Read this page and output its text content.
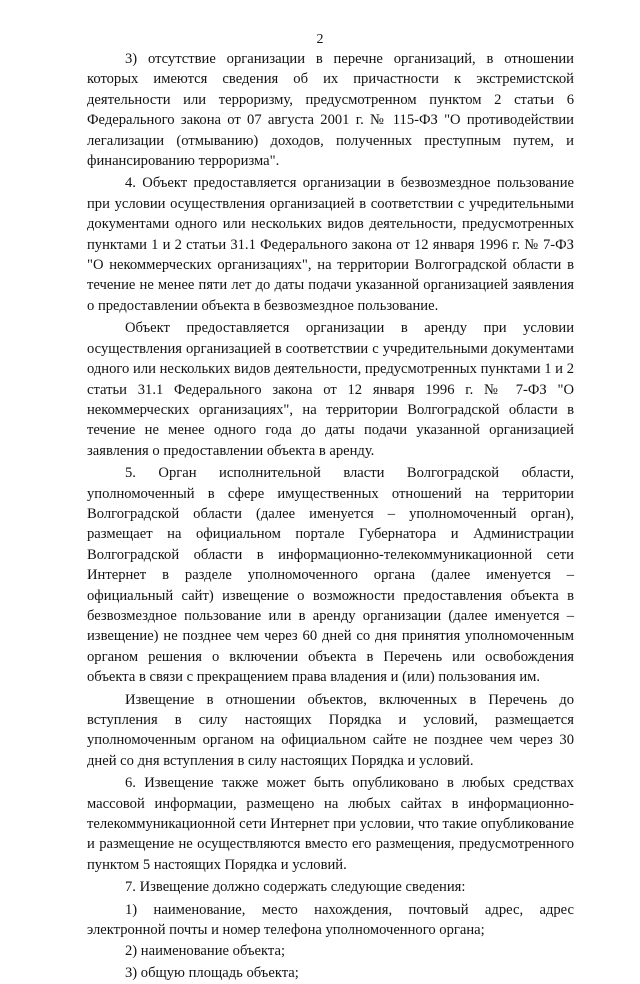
2

3) отсутствие организации в перечне организаций, в отношении которых имеются сведения об их причастности к экстремистской деятельности или терроризму, предусмотренном пунктом 2 статьи 6 Федерального закона от 07 августа 2001 г. № 115-ФЗ "О противодействии легализации (отмыванию) доходов, полученных преступным путем, и финансированию терроризма".

4. Объект предоставляется организации в безвозмездное пользование при условии осуществления организацией в соответствии с учредительными документами одного или нескольких видов деятельности, предусмотренных пунктами 1 и 2 статьи 31.1 Федерального закона от 12 января 1996 г. № 7-ФЗ "О некоммерческих организациях", на территории Волгоградской области в течение не менее пяти лет до даты подачи указанной организацией заявления о предоставлении объекта в безвозмездное пользование.

Объект предоставляется организации в аренду при условии осуществления организацией в соответствии с учредительными документами одного или нескольких видов деятельности, предусмотренных пунктами 1 и 2 статьи 31.1 Федерального закона от 12 января 1996 г. № 7-ФЗ "О некоммерческих организациях", на территории Волгоградской области в течение не менее одного года до даты подачи указанной организацией заявления о предоставлении объекта в аренду.

5. Орган исполнительной власти Волгоградской области, уполномоченный в сфере имущественных отношений на территории Волгоградской области (далее именуется – уполномоченный орган), размещает на официальном портале Губернатора и Администрации Волгоградской области в информационно-телекоммуникационной сети Интернет в разделе уполномоченного органа (далее именуется – официальный сайт) извещение о возможности предоставления объекта в безвозмездное пользование или в аренду организации (далее именуется – извещение) не позднее чем через 60 дней со дня принятия уполномоченным органом решения о включении объекта в Перечень или освобождения объекта в связи с прекращением права владения и (или) пользования им.

Извещение в отношении объектов, включенных в Перечень до вступления в силу настоящих Порядка и условий, размещается уполномоченным органом на официальном сайте не позднее чем через 30 дней со дня вступления в силу настоящих Порядка и условий.

6. Извещение также может быть опубликовано в любых средствах массовой информации, размещено на любых сайтах в информационно-телекоммуникационной сети Интернет при условии, что такие опубликование и размещение не осуществляются вместо его размещения, предусмотренного пунктом 5 настоящих Порядка и условий.

7. Извещение должно содержать следующие сведения:

1) наименование, место нахождения, почтовый адрес, адрес электронной почты и номер телефона уполномоченного органа;

2) наименование объекта;

3) общую площадь объекта;
